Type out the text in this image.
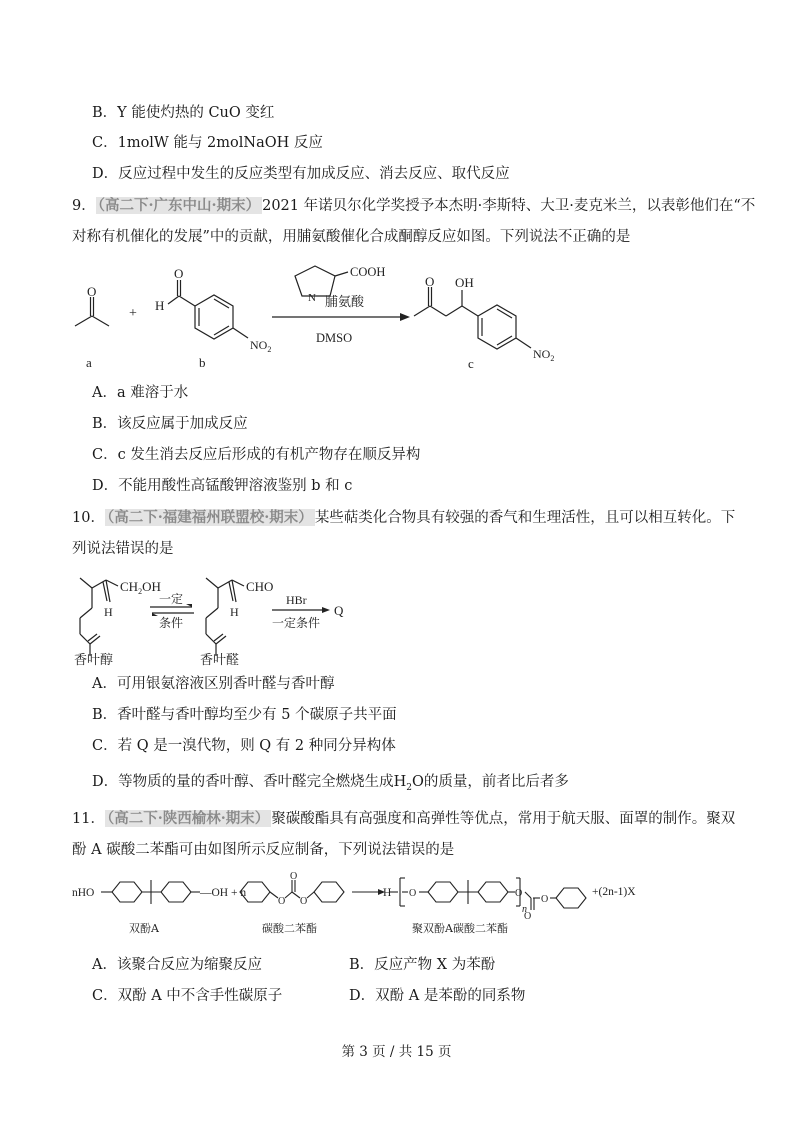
B．Y 能使灼热的 CuO 变红
C．1molW 能与 2molNaOH 反应
D．反应过程中发生的反应类型有加成反应、消去反应、取代反应
9． （高二下·广东中山·期末） 2021 年诺贝尔化学奖授予本杰明·李斯特、大卫·麦克米兰，以表彰他们在“不
对称有机催化的发展”中的贡献，用脯氨酸催化合成酮醇反应如图。下列说法不正确的是
+
O
H
O
$NO_2$
a	b
N
COOH
脯氨酸
DMSO
O OH
$NO_2$
c
A．a 难溶于水
B．该反应属于加成反应
C．c 发生消去反应后形成的有机产物存在顺反异构
D．不能用酸性高锰酸钾溶液鉴别 b 和 c
10． （高二下·福建福州联盟校·期末） 某些萜类化合物具有较强的香气和生理活性，且可以相互转化。下
列说法错误的是
$CH_2OH$
H
一定
条件
CHO
H
HBr
一定条件
Q
香叶醇	香叶醛
A．可用银氨溶液区别香叶醛与香叶醇
B．香叶醛与香叶醇均至少有 5 个碳原子共平面
C．若 Q 是一溴代物，则 Q 有 2 种同分异构体
D．等物质的量的香叶醇、香叶醛完全燃烧生成$H_2O$的质量，前者比后者多
11． （高二下·陕西榆林·期末） 聚碳酸酯具有高强度和高弹性等优点，常用于航天服、面罩的制作。聚双
酚 A 碳酸二苯酯可由如图所示反应制备，下列说法错误的是
nHO	—OH + n
O
O
O
H O	O
O
n
O
+(2n-1)X
双酚A	碳酸二苯酯	聚双酚A碳酸二苯酯
A．该聚合反应为缩聚反应	B．反应产物 X 为苯酚
C．双酚 A 中不含手性碳原子	D．双酚 A 是苯酚的同系物
第 3 页 / 共 15 页
